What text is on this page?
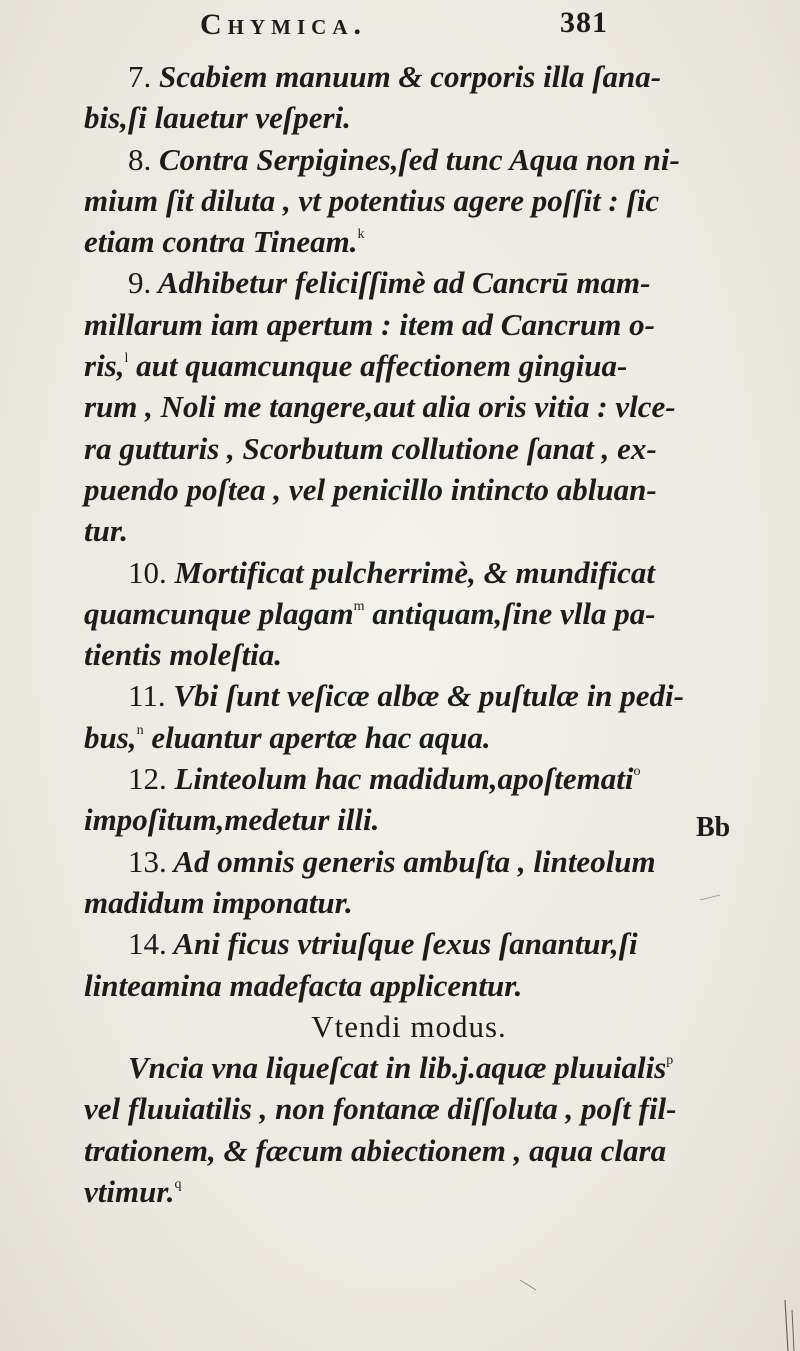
Chymica.	381
7. Scabiem manuum & corporis illa ſana-
bis,ſi lauetur veſperi.
8. Contra Serpigines,ſed tunc Aqua non ni-
mium ſit diluta , vt potentius agere poſſit : ſic
etiam contra Tineam.$^k$
9. Adhibetur feliciſſimè ad Cancrū mam-
millarum iam apertum : item ad Cancrum o-
ris,$^l$ aut quamcunque affectionem gingiua-
rum , Noli me tangere,aut alia oris vitia : vlce-
ra gutturis , Scorbutum collutione ſanat , ex-
puendo poſtea , vel penicillo intincto abluan-
tur.
10. Mortificat pulcherrimè, & mundificat
quamcunque plagam$^m$ antiquam,ſine vlla pa-
tientis moleſtia.
11. Vbi ſunt veſicæ albæ & puſtulæ in pedi-
bus,$^n$ eluantur apertæ hac aqua.
12. Linteolum hac madidum,apoſtemati$^o$
impoſitum,medetur illi.
13. Ad omnis generis ambuſta , linteolum
madidum imponatur.
14. Ani ficus vtriuſque ſexus ſanantur,ſi
linteamina madefacta applicentur.
Vtendi modus.
Vncia vna liqueſcat in lib.j.aquæ pluuialis$^p$
vel fluuiatilis , non fontanæ diſſoluta , poſt fil-
trationem, & fæcum abiectionem , aqua clara
vtimur.$^q$
Bb
